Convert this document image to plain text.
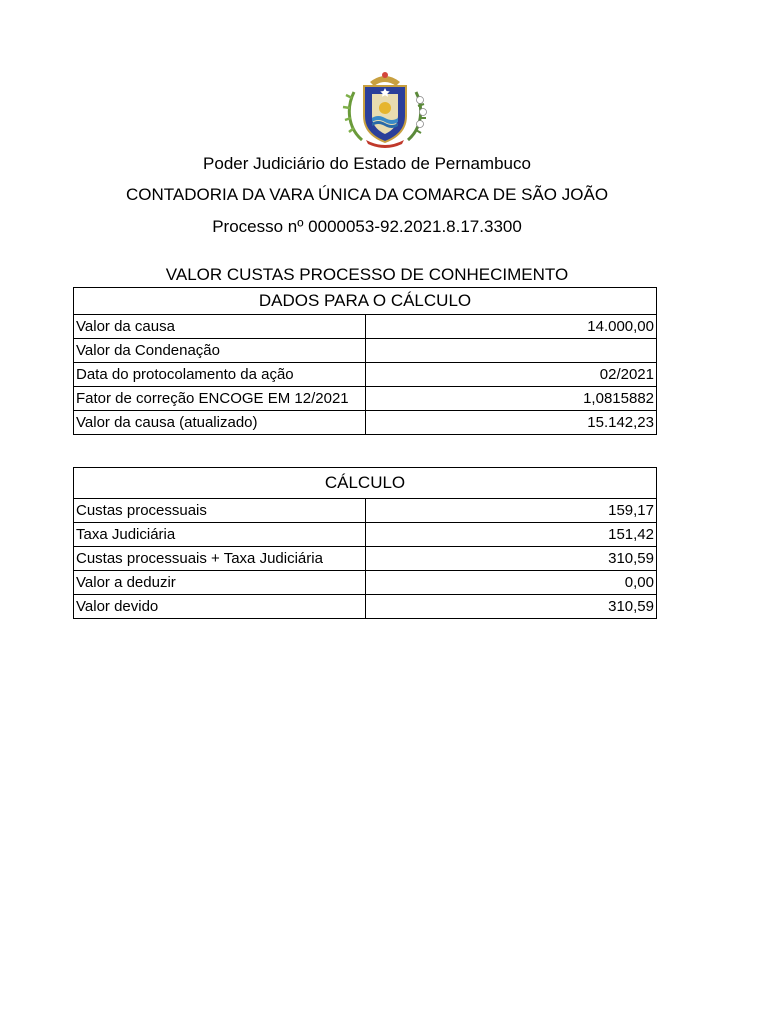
Poder Judiciário do Estado de Pernambuco
CONTADORIA DA VARA ÚNICA DA COMARCA DE SÃO JOÃO
Processo nº 0000053-92.2021.8.17.3300
VALOR CUSTAS PROCESSO DE CONHECIMENTO
DADOS PARA O CÁLCULO	
Valor da causa	14.000,00
Valor da Condenação	
Data do protocolamento da ação	02/2021
Fator de correção ENCOGE EM 12/2021	1,0815882
Valor da causa (atualizado)	15.142,23
CÁLCULO	
Custas processuais	159,17
Taxa Judiciária	151,42
Custas processuais + Taxa Judiciária	310,59
Valor a deduzir	0,00
Valor devido	310,59
